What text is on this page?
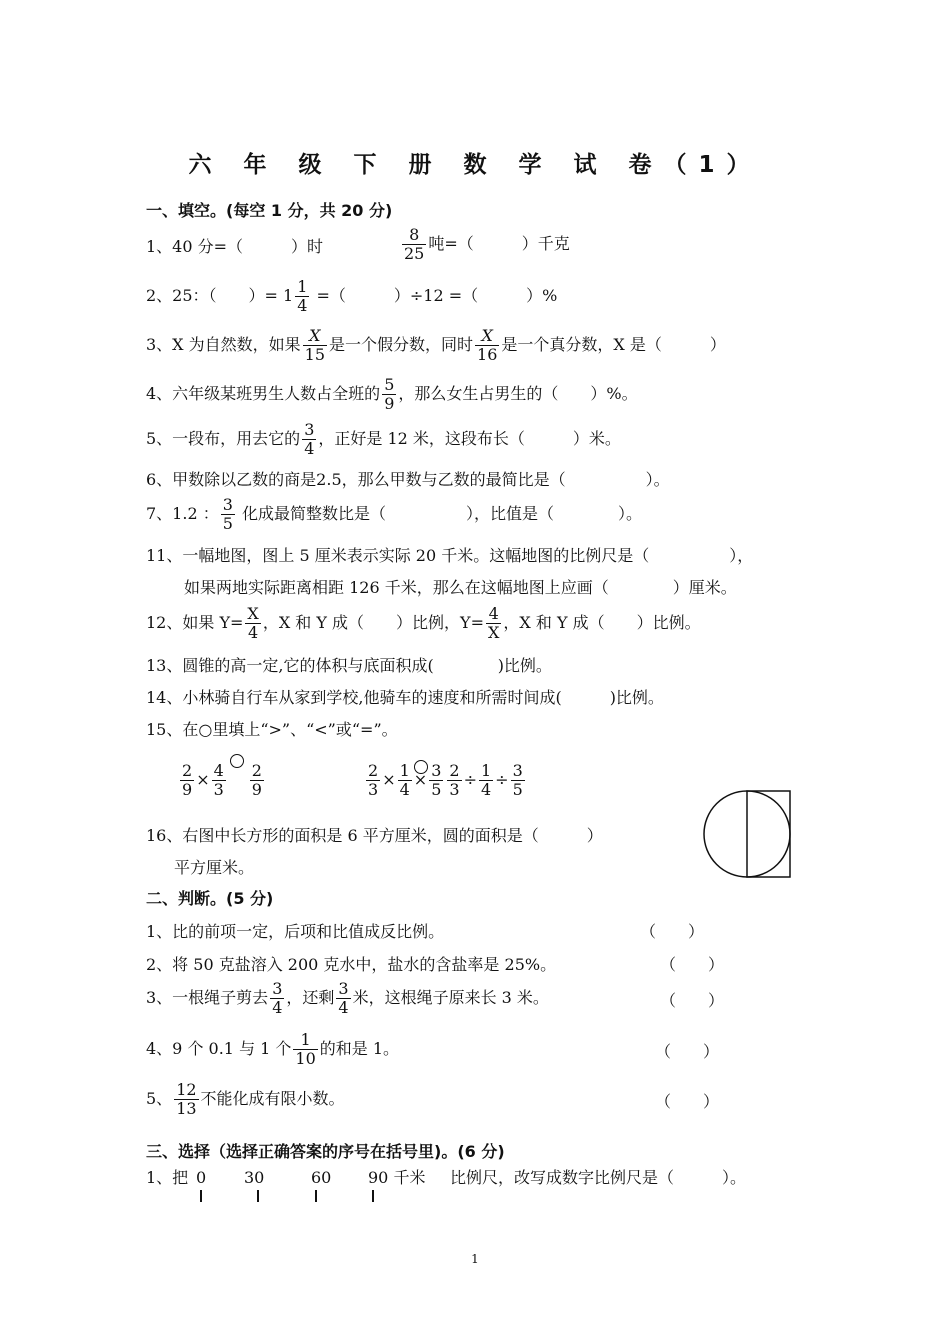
六 年 级 下 册 数 学 试 卷（1）
一、填空。(每空 1 分，共 20 分)
1、40 分=（　　　）时	$\frac{8}{25}$ 吨=（　　　）千克
2、25：（　　）= $1 \frac{1}{4}$ =（　　　）÷12 =（　　　）%
3、X 为自然数，如果 $\frac{X}{15}$ 是一个假分数，同时 $\frac{X}{16}$ 是一个真分数，X 是（　　　）
4、六年级某班男生人数占全班的 $\frac{5}{9}$ ，那么女生占男生的（　　）%。
5、一段布，用去它的 $\frac{3}{4}$ ，正好是 12 米，这段布长（　　　）米。
6、甲数除以乙数的商是2.5，那么甲数与乙数的最简比是（　　　　　）。
7、1.2 ： $\frac{3}{5}$ 化成最简整数比是（　　　　　），比值是（　　　　）。
11、一幅地图，图上 5 厘米表示实际 20 千米。这幅地图的比例尺是（　　　　　），
如果两地实际距离相距 126 千米，那么在这幅地图上应画（　　　　）厘米。
12、如果 $Y= \frac{X}{4}$ ，X 和 Y 成（　　）比例，$Y= \frac{4}{X}$ ，X 和 Y 成（　　）比例。
13、圆锥的高一定,它的体积与底面积成(　　　　)比例。
14、小林骑自行车从家到学校,他骑车的速度和所需时间成(　　　)比例。
15、在○里填上“>”、“<”或“=”。
$\frac{2}{9} \times \frac{4}{3} \frac{2}{9}$	$\frac{2}{3} \times \frac{1}{4} \times \frac{3}{5} \frac{2}{3} \div \frac{1}{4} \div \frac{3}{5}$
16、右图中长方形的面积是 6 平方厘米，圆的面积是（　　　）
平方厘米。
二、判断。(5 分)
1、比的前项一定，后项和比值成反比例。	（　　）
2、将 50 克盐溶入 200 克水中，盐水的含盐率是 25%。	（　　）
3、一根绳子剪去 $\frac{3}{4}$ ，还剩 $\frac{3}{4}$ 米，这根绳子原来长 3 米。	（　　）
4、9 个 0.1 与 1 个 $\frac{1}{10}$ 的和是 1。	（　　）
5、 $\frac{12}{13}$ 不能化成有限小数。	（　　）
三、选择（选择正确答案的序号在括号里)。(6 分)
1、把 0 30	60 90 千米 比例尺，改写成数字比例尺是（　　　）。
1
